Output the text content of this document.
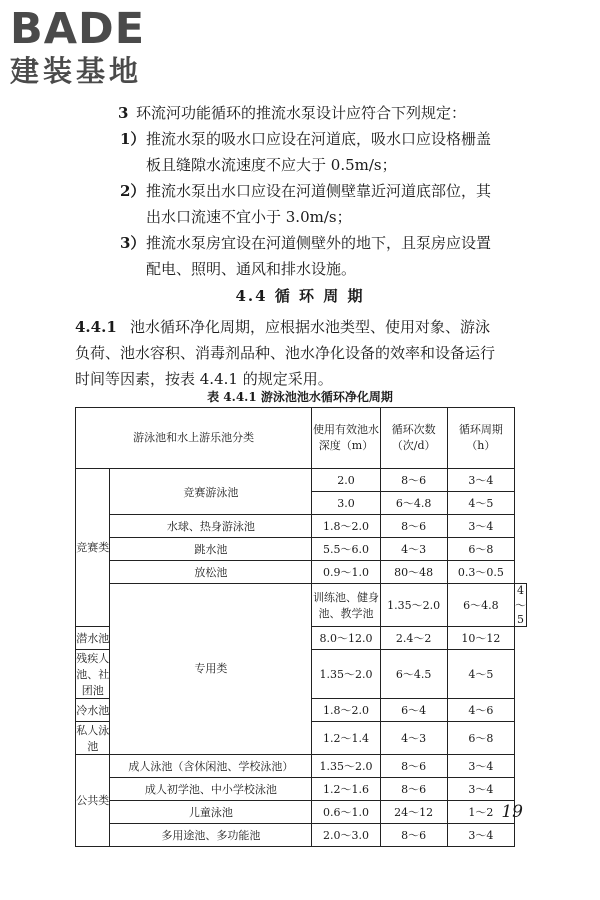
BADE
建装基地
3 环流河功能循环的推流水泵设计应符合下列规定：
1） 推流水泵的吸水口应设在河道底，吸水口应设格栅盖
板且缝隙水流速度不应大于 0.5m/s；
2） 推流水泵出水口应设在河道侧壁靠近河道底部位，其
出水口流速不宜小于 3.0m/s；
3） 推流水泵房宜设在河道侧壁外的地下，且泵房应设置
配电、照明、通风和排水设施。
4.4 循 环 周 期
4.4.1 池水循环净化周期，应根据水池类型、使用对象、游泳
负荷、池水容积、消毒剂品种、池水净化设备的效率和设备运行
时间等因素，按表 4.4.1 的规定采用。
表 4.4.1 游泳池池水循环净化周期
游泳池和水上游乐池分类		使用有效池水深度（m）	循环次数（次/d）	循环周期（h）	
竞赛类	竞赛游泳池	2.0	8～6	3～4	
		3.0	6～4.8	4～5	
	水球、热身游泳池	1.8～2.0	8～6	3～4	
	跳水池	5.5～6.0	4～3	6～8	
	放松池	0.9～1.0	80～48	0.3～0.5	
	专用类	训练池、健身池、教学池	1.35～2.0	6～4.8	4～5
潜水池		8.0～12.0	2.4～2	10～12	
残疾人池、社团池		1.35～2.0	6～4.5	4～5	
冷水池		1.8～2.0	6～4	4～6	
私人泳池		1.2～1.4	4～3	6～8	
公共类	成人泳池（含休闲池、学校泳池）	1.35～2.0	8～6	3～4	
	成人初学池、中小学校泳池	1.2～1.6	8～6	3～4	
	儿童泳池	0.6～1.0	24～12	1～2	
	多用途池、多功能池	2.0～3.0	8～6	3～4	
19
